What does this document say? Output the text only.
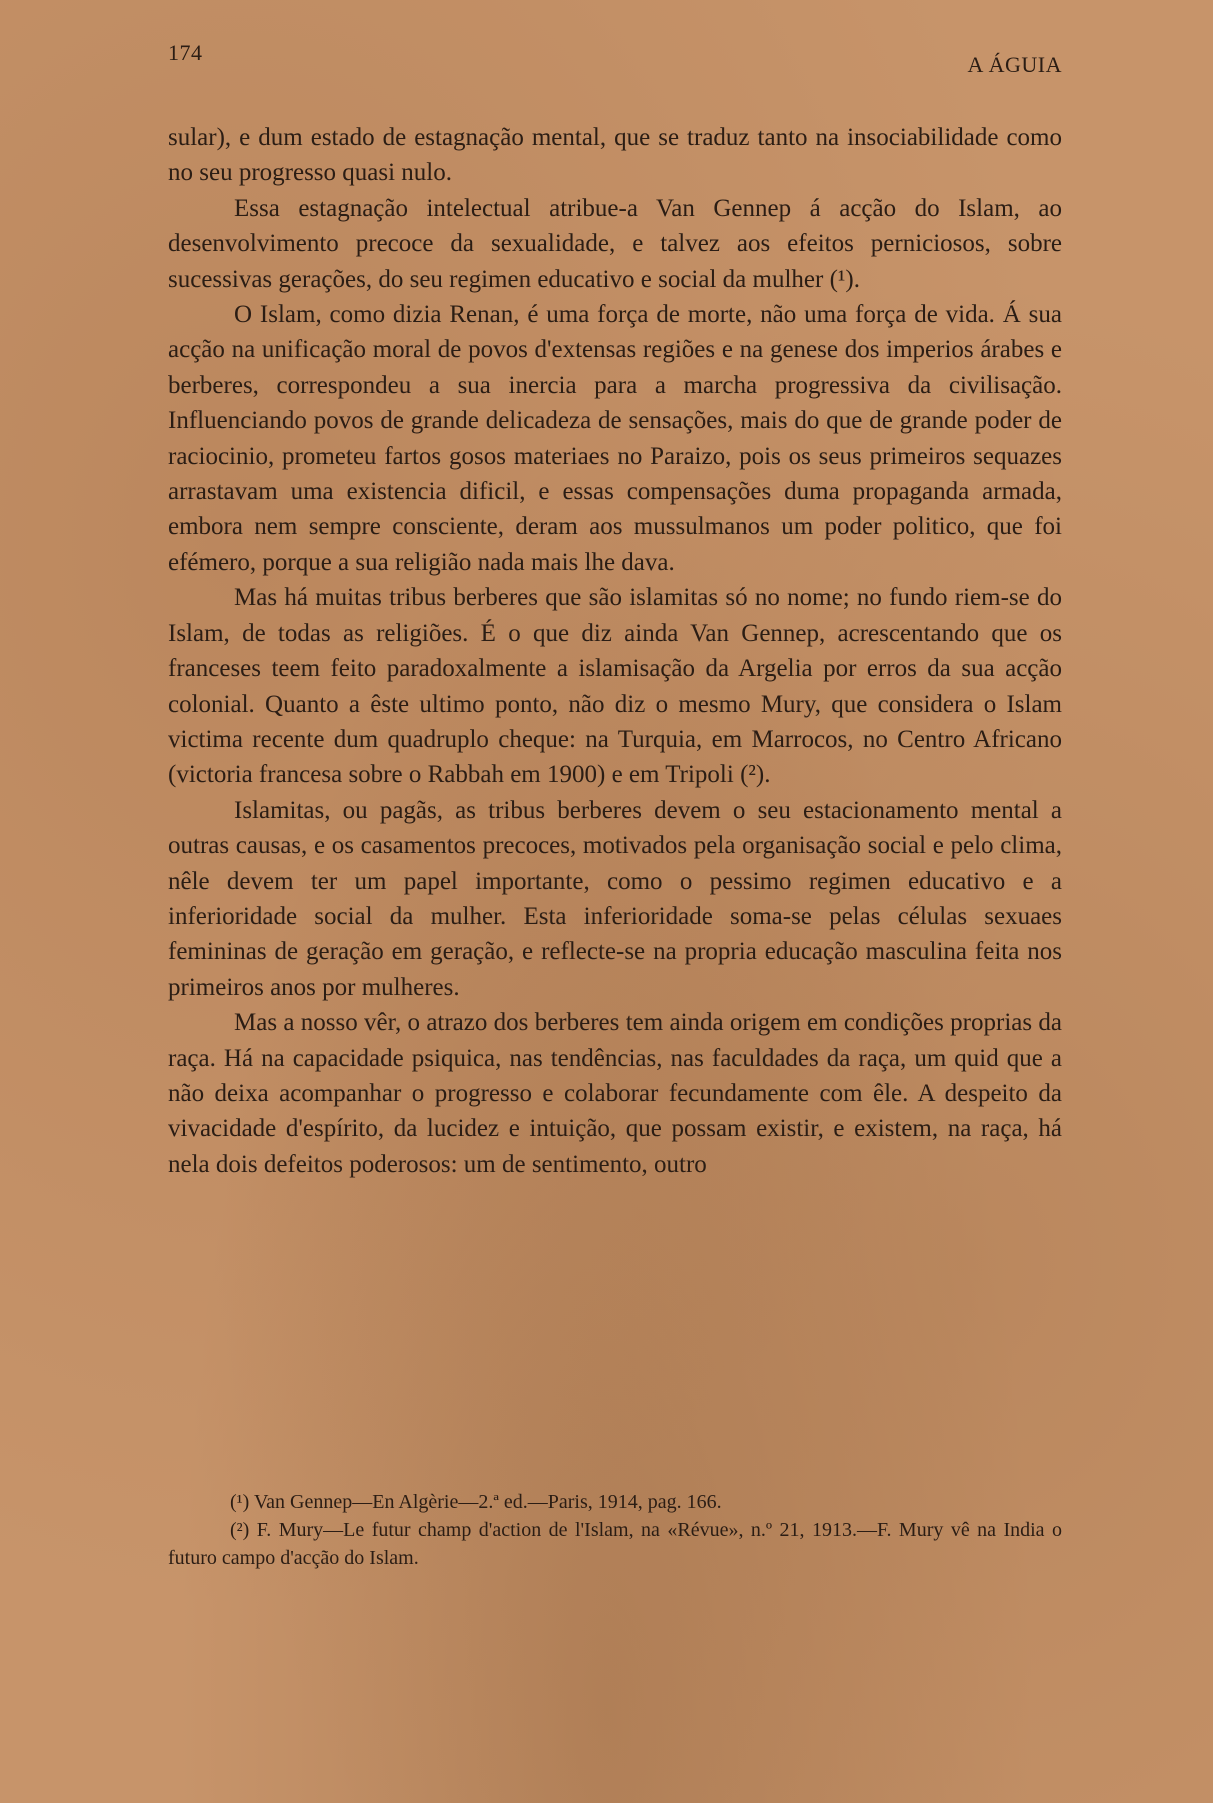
174	A ÁGUIA

sular), e dum estado de estagnação mental, que se traduz tanto na insociabilidade como no seu progresso quasi nulo.

Essa estagnação intelectual atribue-a Van Gennep á acção do Islam, ao desenvolvimento precoce da sexualidade, e talvez aos efeitos perniciosos, sobre sucessivas gerações, do seu regimen educativo e social da mulher (¹).

O Islam, como dizia Renan, é uma força de morte, não uma força de vida. Á sua acção na unificação moral de povos d'extensas regiões e na genese dos imperios árabes e berberes, correspondeu a sua inercia para a marcha progressiva da civilisação. Influenciando povos de grande delicadeza de sensações, mais do que de grande poder de raciocinio, prometeu fartos gosos materiaes no Paraizo, pois os seus primeiros sequazes arrastavam uma existencia dificil, e essas compensações duma propaganda armada, embora nem sempre consciente, deram aos mussulmanos um poder politico, que foi efémero, porque a sua religião nada mais lhe dava.

Mas há muitas tribus berberes que são islamitas só no nome; no fundo riem-se do Islam, de todas as religiões. É o que diz ainda Van Gennep, acrescentando que os franceses teem feito paradoxalmente a islamisação da Argelia por erros da sua acção colonial. Quanto a êste ultimo ponto, não diz o mesmo Mury, que considera o Islam victima recente dum quadruplo cheque: na Turquia, em Marrocos, no Centro Africano (victoria francesa sobre o Rabbah em 1900) e em Tripoli (²).

Islamitas, ou pagãs, as tribus berberes devem o seu estacionamento mental a outras causas, e os casamentos precoces, motivados pela organisação social e pelo clima, nêle devem ter um papel importante, como o pessimo regimen educativo e a inferioridade social da mulher. Esta inferioridade soma-se pelas células sexuaes femininas de geração em geração, e reflecte-se na propria educação masculina feita nos primeiros anos por mulheres.

Mas a nosso vêr, o atrazo dos berberes tem ainda origem em condições proprias da raça. Há na capacidade psiquica, nas tendências, nas faculdades da raça, um quid que a não deixa acompanhar o progresso e colaborar fecundamente com êle. A despeito da vivacidade d'espírito, da lucidez e intuição, que possam existir, e existem, na raça, há nela dois defeitos poderosos: um de sentimento, outro

(¹) Van Gennep—En Algèrie—2.ª ed.—Paris, 1914, pag. 166.

(²) F. Mury—Le futur champ d'action de l'Islam, na «Révue», n.º 21, 1913.—F. Mury vê na India o futuro campo d'acção do Islam.
